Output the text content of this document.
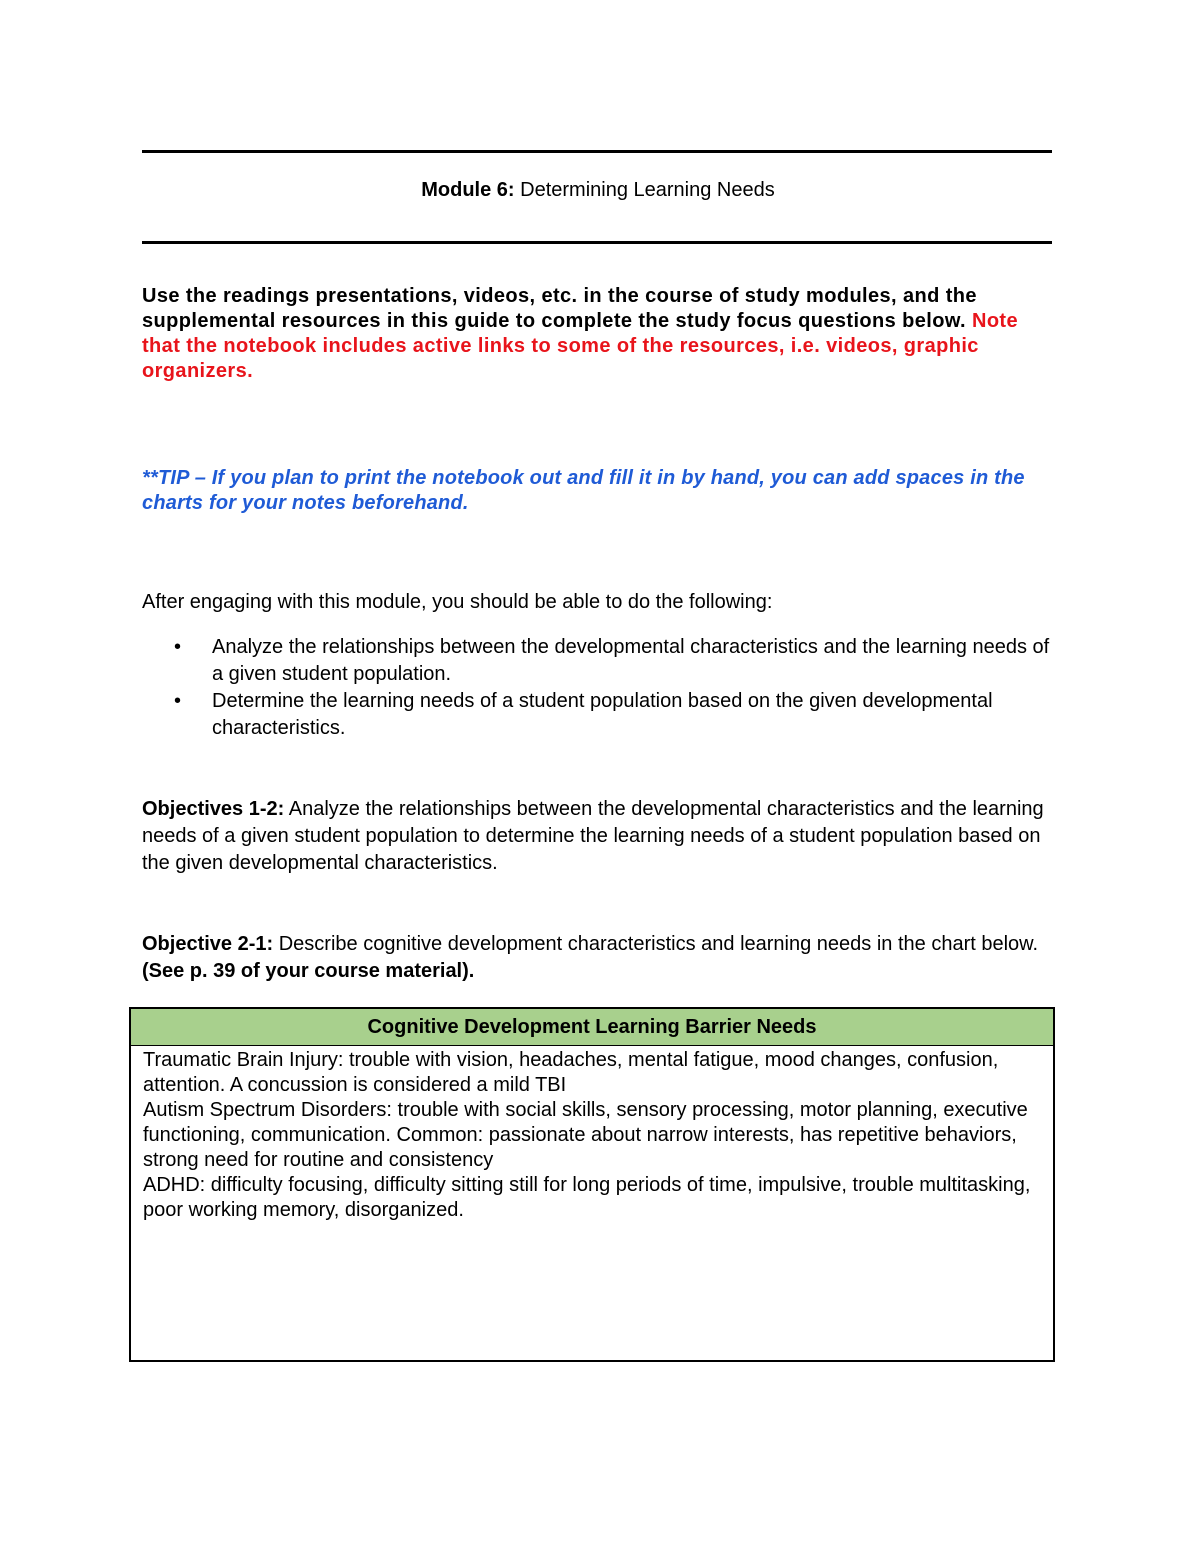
Module 6: Determining Learning Needs
Use the readings presentations, videos, etc. in the course of study modules, and the supplemental resources in this guide to complete the study focus questions below. Note that the notebook includes active links to some of the resources, i.e. videos, graphic organizers.
**TIP – If you plan to print the notebook out and fill it in by hand, you can add spaces in the charts for your notes beforehand.
After engaging with this module, you should be able to do the following:
• Analyze the relationships between the developmental characteristics and the learning needs of a given student population.
• Determine the learning needs of a student population based on the given developmental characteristics.
Objectives 1-2: Analyze the relationships between the developmental characteristics and the learning needs of a given student population to determine the learning needs of a student population based on the given developmental characteristics.
Objective 2-1: Describe cognitive development characteristics and learning needs in the chart below. (See p. 39 of your course material).
Cognitive Development Learning Barrier Needs

Traumatic Brain Injury: trouble with vision, headaches, mental fatigue, mood changes, confusion, attention. A concussion is considered a mild TBI
Autism Spectrum Disorders: trouble with social skills, sensory processing, motor planning, executive functioning, communication. Common: passionate about narrow interests, has repetitive behaviors, strong need for routine and consistency
ADHD: difficulty focusing, difficulty sitting still for long periods of time, impulsive, trouble multitasking, poor working memory, disorganized.
